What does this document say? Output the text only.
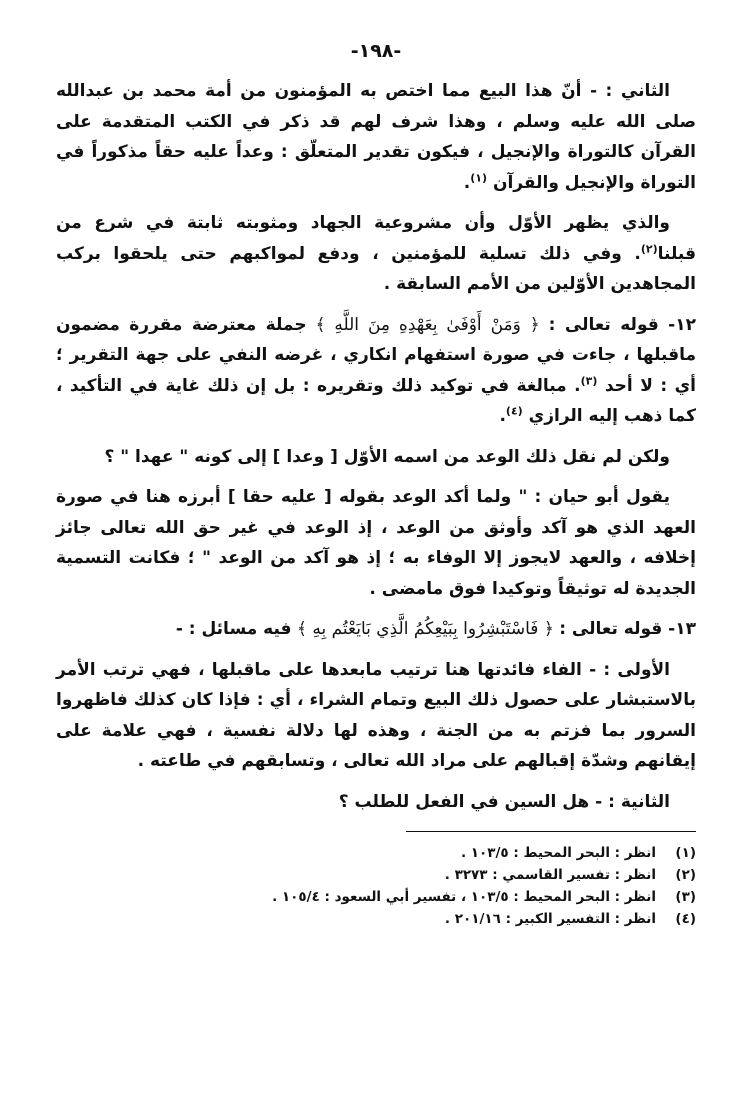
-١٩٨-

الثاني : - أنّ هذا البيع مما اختص به المؤمنون من أمة محمد بن عبدالله صلى الله عليه وسلم ، وهذا شرف لهم قد ذكر في الكتب المتقدمة على القرآن كالتوراة والإنجيل ، فيكون تقدير المتعلّق : وعداً عليه حقاً مذكوراً في التوراة والإنجيل والقرآن $^{(١)}$.

والذي يظهر الأوّل وأن مشروعية الجهاد ومثوبته ثابتة في شرع من قبلنا$^{(٢)}$. وفي ذلك تسلية للمؤمنين ، ودفع لمواكبهم حتى يلحقوا بركب المجاهدين الأوّلين من الأمم السابقة .

١٢- قوله تعالى : ﴿ وَمَنْ أَوْفَىٰ بِعَهْدِهِ مِنَ اللَّهِ ﴾ جملة معترضة مقررة مضمون ماقبلها ، جاءت في صورة استفهام انكاري ، غرضه النفي على جهة التقرير ؛ أي : لا أحد $^{(٣)}$. مبالغة في توكيد ذلك وتقريره : بل إن ذلك غاية في التأكيد ، كما ذهب إليه الرازي $^{(٤)}$.

ولكن لم نقل ذلك الوعد من اسمه الأوّل [ وعدا ] إلى كونه " عهدا " ؟

يقول أبو حيان : " ولما أكد الوعد بقوله [ عليه حقا ] أبرزه هنا في صورة العهد الذي هو آكد وأوثق من الوعد ، إذ الوعد في غير حق الله تعالى جائز إخلافه ، والعهد لايجوز إلا الوفاء به ؛ إذ هو آكد من الوعد " ؛ فكانت التسمية الجديدة له توثيقاً وتوكيدا فوق مامضى .

١٣- قوله تعالى : ﴿ فَاسْتَبْشِرُوا بِبَيْعِكُمُ الَّذِي بَايَعْتُم بِهِ ﴾ فيه مسائل : -

الأولى : - الفاء فائدتها هنا ترتيب مابعدها على ماقبلها ، فهي ترتب الأمر بالاستبشار على حصول ذلك البيع وتمام الشراء ، أي : فإذا كان كذلك فاظهروا السرور بما فزتم به من الجنة ، وهذه لها دلالة نفسية ، فهي علامة على إيقانهم وشدّة إقبالهم على مراد الله تعالى ، وتسابقهم في طاعته .

الثانية : - هل السين في الفعل للطلب ؟

(١)
انظر : البحر المحيط : ١٠٣/٥ .
(٢)
انظر : تفسير القاسمي : ٣٢٧٣ .
(٣)
انظر : البحر المحيط : ١٠٣/٥ ، تفسير أبي السعود : ١٠٥/٤ .
(٤)
انظر : التفسير الكبير : ٢٠١/١٦ .
